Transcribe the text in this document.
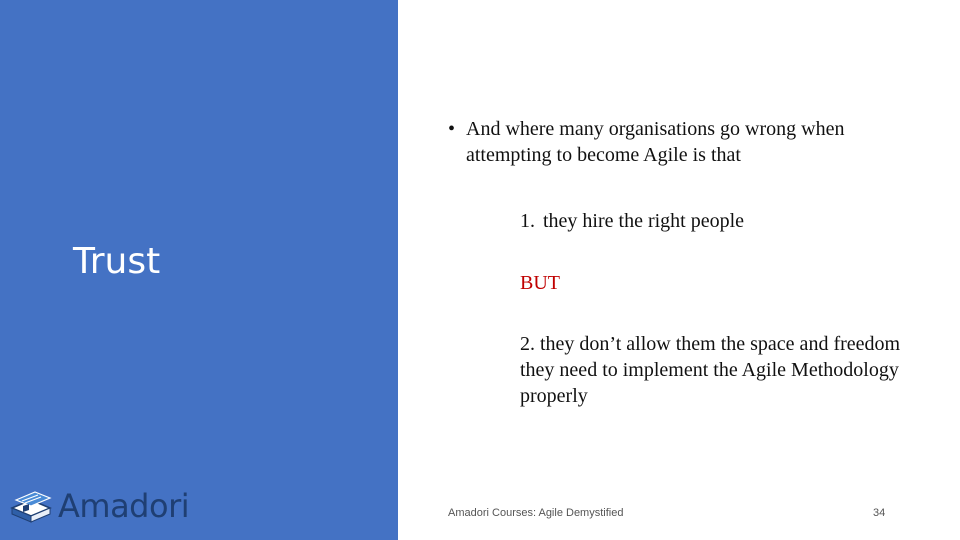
Trust
Amadori
• And where many organisations go wrong when attempting to become Agile is that
1. they hire the right people
BUT
2. they don’t allow them the space and freedom they need to implement the Agile Methodology properly
Amadori Courses: Agile Demystified	34
